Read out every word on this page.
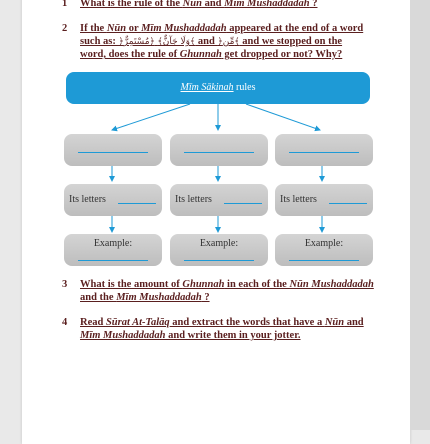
1	What is the rule of the Nūn and Mīm Mushaddadah ?
2	If the Nūn or Mīm Mushaddadah appeared at the end of a word
such as: ﴿وَلَا جَآنٌّ﴾ ﴿مُسْتَمِرٌّ﴾ and ﴿مِّن﴾ and we stopped on the
word, does the rule of Ghunnah get dropped or not? Why?
Mīm Sākinah rules
Its letters	Its letters	Its letters
Example:	Example:	Example:
3	What is the amount of Ghunnah in each of the Nūn Mushaddadah
and the Mīm Mushaddadah ?
4	Read Sūrat At-Talāq and extract the words that have a Nūn and
Mīm Mushaddadah and write them in your jotter.
